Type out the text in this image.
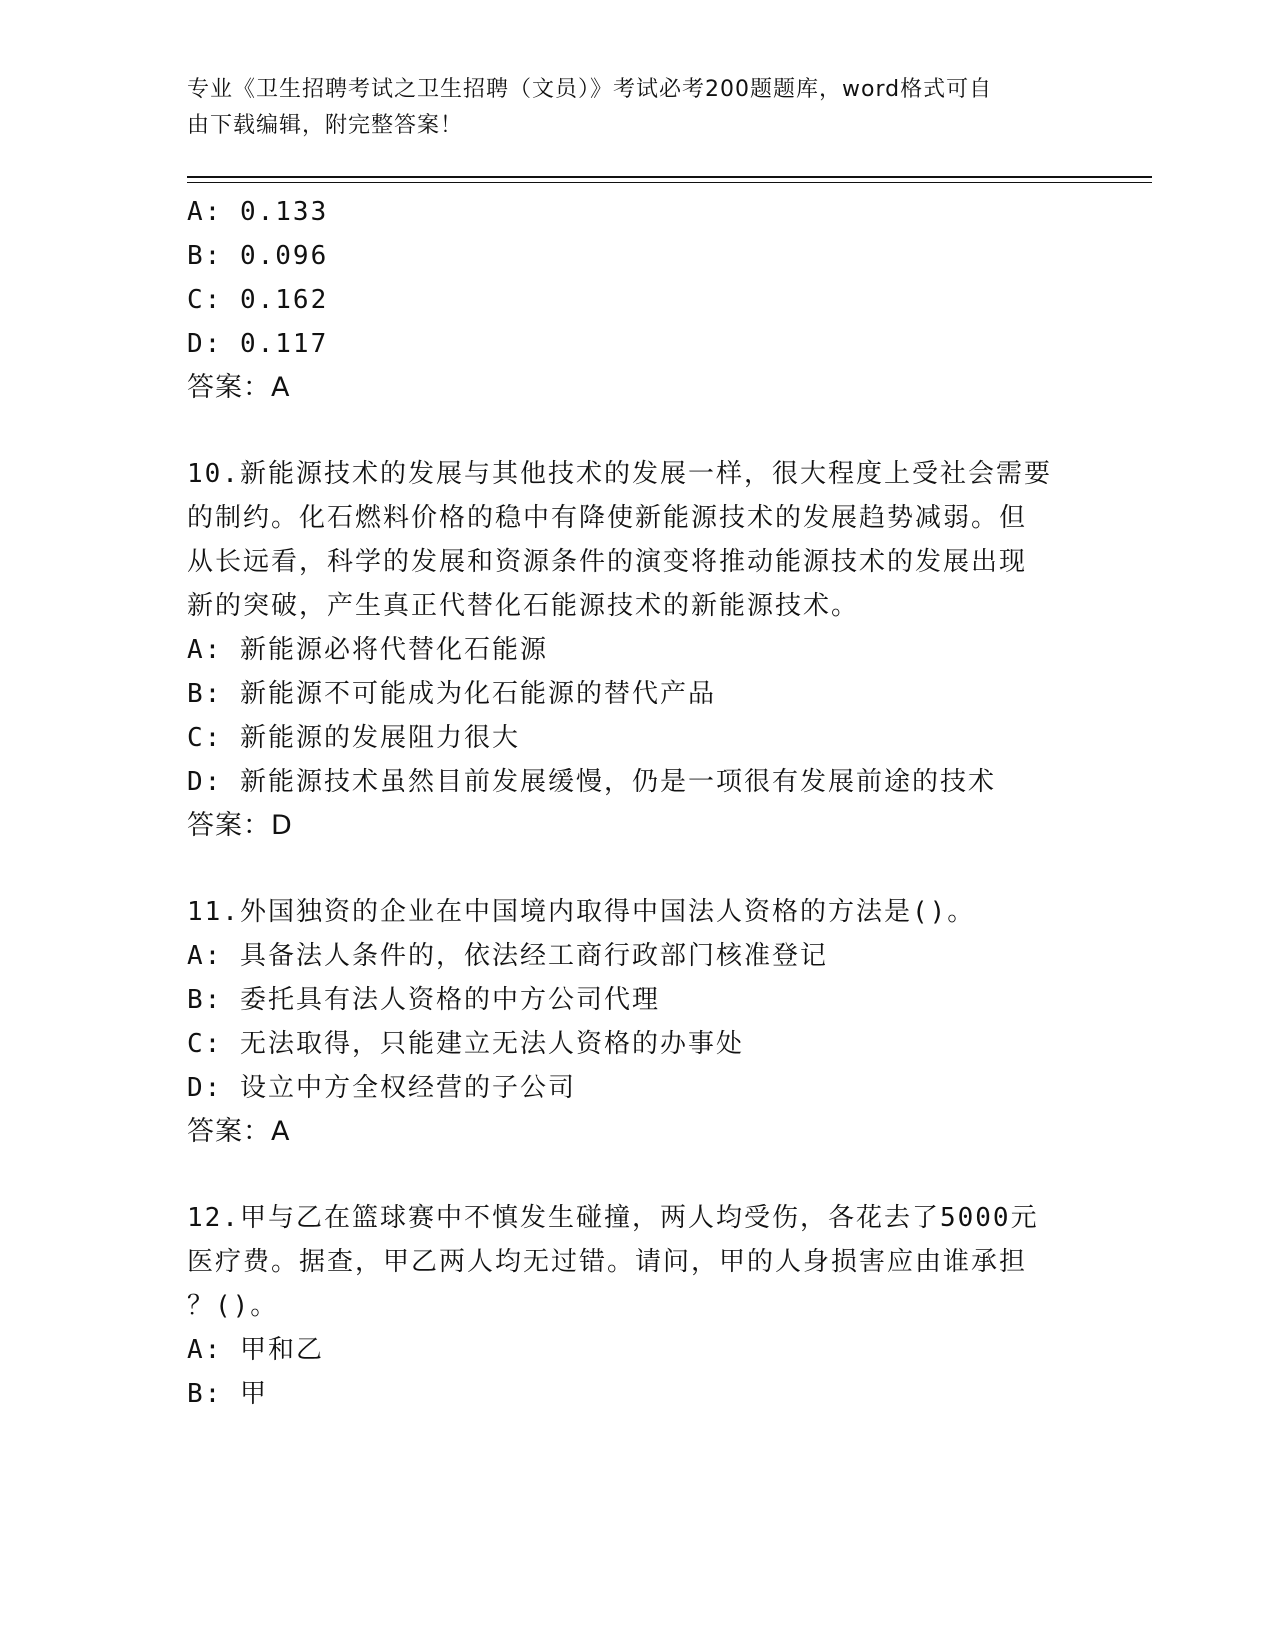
专业《卫生招聘考试之卫生招聘（文员）》考试必考200题题库，word格式可自
由下载编辑，附完整答案！
A: 0.133
B: 0.096
C: 0.162
D: 0.117
答案：A
10.新能源技术的发展与其他技术的发展一样，很大程度上受社会需要
的制约。化石燃料价格的稳中有降使新能源技术的发展趋势减弱。但
从长远看，科学的发展和资源条件的演变将推动能源技术的发展出现
新的突破，产生真正代替化石能源技术的新能源技术。
A: 新能源必将代替化石能源
B: 新能源不可能成为化石能源的替代产品
C: 新能源的发展阻力很大
D: 新能源技术虽然目前发展缓慢，仍是一项很有发展前途的技术
答案：D
11.外国独资的企业在中国境内取得中国法人资格的方法是()。
A: 具备法人条件的，依法经工商行政部门核准登记
B: 委托具有法人资格的中方公司代理
C: 无法取得，只能建立无法人资格的办事处
D: 设立中方全权经营的子公司
答案：A
12.甲与乙在篮球赛中不慎发生碰撞，两人均受伤，各花去了5000元
医疗费。据查，甲乙两人均无过错。请问，甲的人身损害应由谁承担
？()。
A: 甲和乙
B: 甲
